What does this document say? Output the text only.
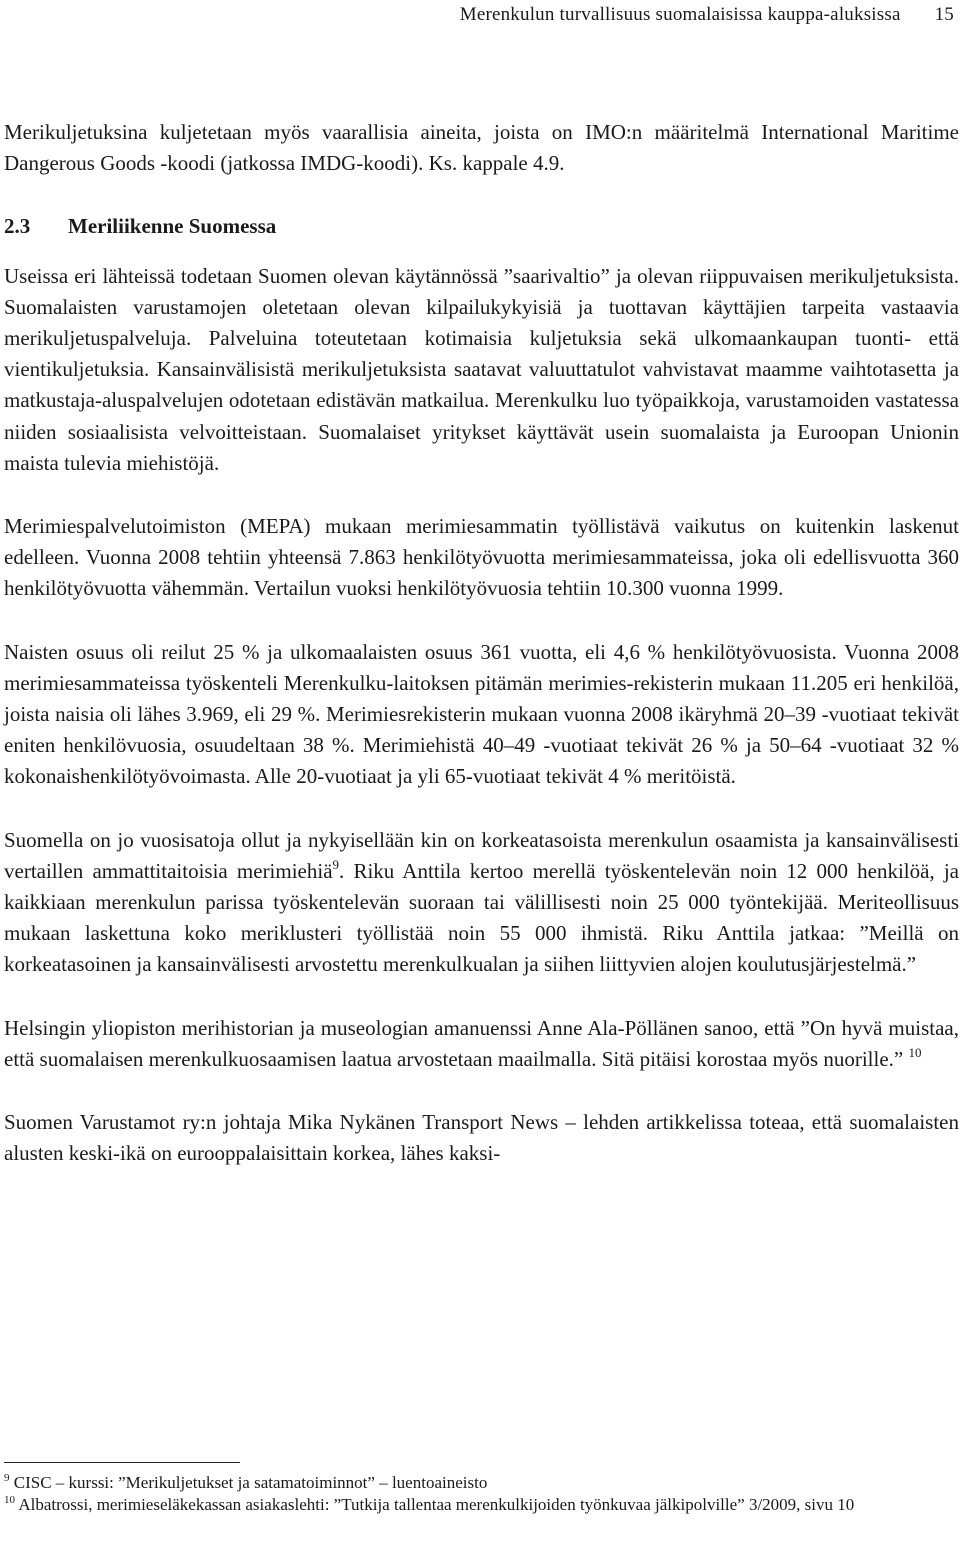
Merenkulun turvallisuus suomalaisissa kauppa-aluksissa 15

Merikuljetuksina kuljetetaan myös vaarallisia aineita, joista on IMO:n määritelmä International Maritime Dangerous Goods -koodi (jatkossa IMDG-koodi). Ks. kappale 4.9.

2.3 Meriliikenne Suomessa

Useissa eri lähteissä todetaan Suomen olevan käytännössä ”saarivaltio” ja olevan riippuvaisen merikuljetuksista. Suomalaisten varustamojen oletetaan olevan kilpailukykyisiä ja tuottavan käyttäjien tarpeita vastaavia merikuljetuspalveluja. Palveluina toteutetaan kotimaisia kuljetuksia sekä ulkomaankaupan tuonti- että vientikuljetuksia. Kansainvälisistä merikuljetuksista saatavat valuuttatulot vahvistavat maamme vaihtotasetta ja matkustaja-aluspalvelujen odotetaan edistävän matkailua. Merenkulku luo työpaikkoja, varustamoiden vastatessa niiden sosiaalisista velvoitteistaan. Suomalaiset yritykset käyttävät usein suomalaista ja Euroopan Unionin maista tulevia miehistöjä.

Merimiespalvelutoimiston (MEPA) mukaan merimiesammatin työllistävä vaikutus on kuitenkin laskenut edelleen. Vuonna 2008 tehtiin yhteensä 7.863 henkilötyövuotta merimiesammateissa, joka oli edellisvuotta 360 henkilötyövuotta vähemmän. Vertailun vuoksi henkilötyövuosia tehtiin 10.300 vuonna 1999.

Naisten osuus oli reilut 25 % ja ulkomaalaisten osuus 361 vuotta, eli 4,6 % henkilötyövuosista. Vuonna 2008 merimiesammateissa työskenteli Merenkulku-laitoksen pitämän merimies-rekisterin mukaan 11.205 eri henkilöä, joista naisia oli lähes 3.969, eli 29 %. Merimiesrekisterin mukaan vuonna 2008 ikäryhmä 20–39 -vuotiaat tekivät eniten henkilövuosia, osuudeltaan 38 %. Merimiehistä 40–49 -vuotiaat tekivät 26 % ja 50–64 -vuotiaat 32 % kokonaishenkilötyövoimasta. Alle 20-vuotiaat ja yli 65-vuotiaat tekivät 4 % meritöistä.

Suomella on jo vuosisatoja ollut ja nykyisellään kin on korkeatasoista merenkulun osaamista ja kansainvälisesti vertaillen ammattitaitoisia merimiehiä$^9$. Riku Anttila kertoo merellä työskentelevän noin 12 000 henkilöä, ja kaikkiaan merenkulun parissa työskentelevän suoraan tai välillisesti noin 25 000 työntekijää. Meriteollisuus mukaan laskettuna koko meriklusteri työllistää noin 55 000 ihmistä. Riku Anttila jatkaa: ”Meillä on korkeatasoinen ja kansainvälisesti arvostettu merenkulkualan ja siihen liittyvien alojen koulutusjärjestelmä.”

Helsingin yliopiston merihistorian ja museologian amanuenssi Anne Ala-Pöllänen sanoo, että ”On hyvä muistaa, että suomalaisen merenkulkuosaamisen laatua arvostetaan maailmalla. Sitä pitäisi korostaa myös nuorille.” $^{10}$

Suomen Varustamot ry:n johtaja Mika Nykänen Transport News – lehden artikkelissa toteaa, että suomalaisten alusten keski-ikä on eurooppalaisittain korkea, lähes kaksi-

$^9$ CISC – kurssi: ”Merikuljetukset ja satamatoiminnot” – luentoaineisto

$^{10}$ Albatrossi, merimieseläkekassan asiakaslehti: ”Tutkija tallentaa merenkulkijoiden työnkuvaa jälkipolville” 3/2009, sivu 10
